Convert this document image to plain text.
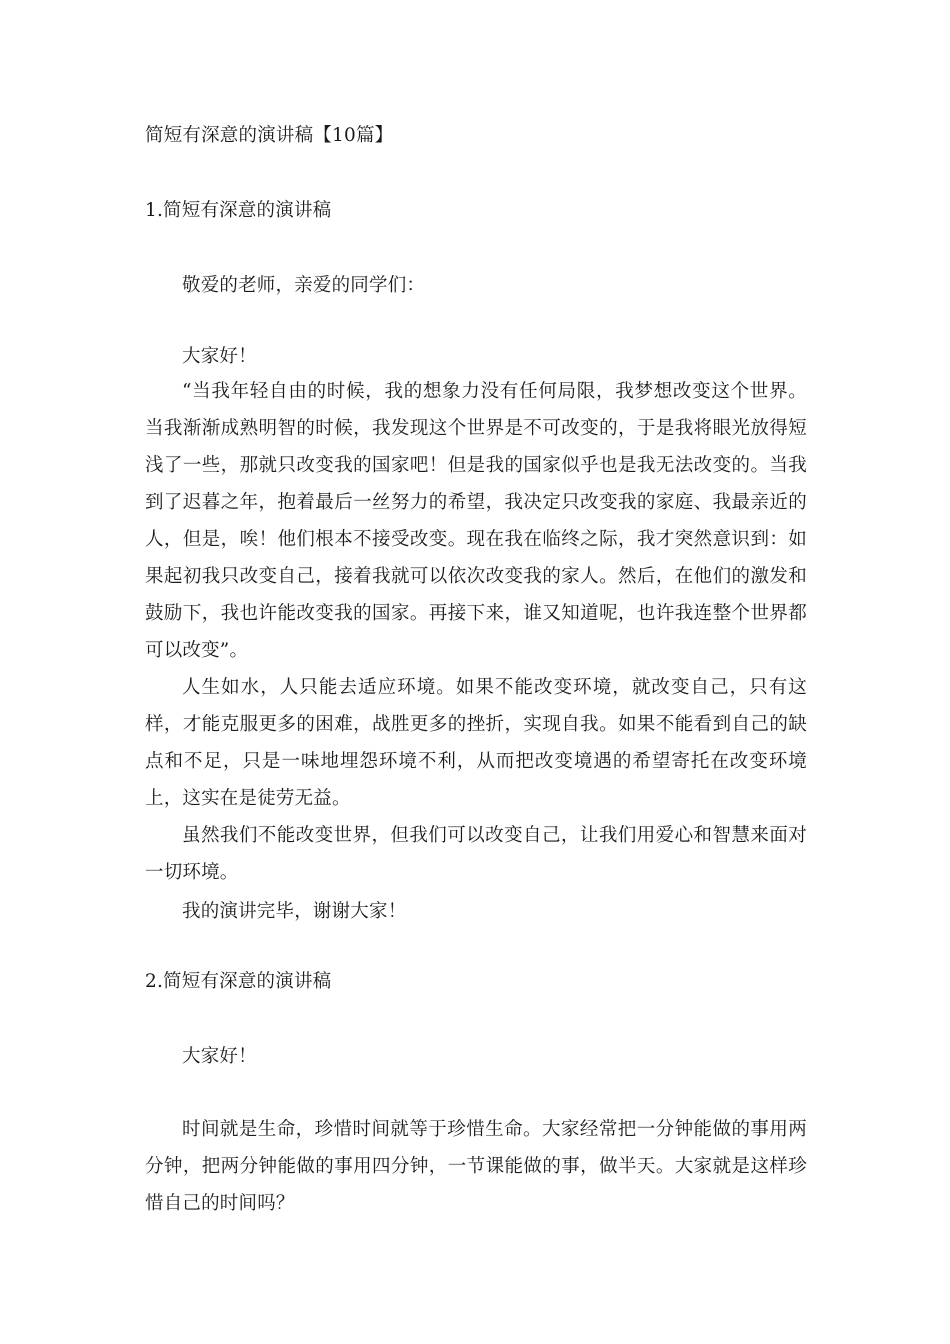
简短有深意的演讲稿【10篇】
1.简短有深意的演讲稿
敬爱的老师，亲爱的同学们：
大家好！
“当我年轻自由的时候，我的想象力没有任何局限，我梦想改变这个世界。当我渐渐成熟明智的时候，我发现这个世界是不可改变的，于是我将眼光放得短浅了一些，那就只改变我的国家吧！但是我的国家似乎也是我无法改变的。当我到了迟暮之年，抱着最后一丝努力的希望，我决定只改变我的家庭、我最亲近的人，但是，唉！他们根本不接受改变。现在我在临终之际，我才突然意识到：如果起初我只改变自己，接着我就可以依次改变我的家人。然后，在他们的激发和鼓励下，我也许能改变我的国家。再接下来，谁又知道呢，也许我连整个世界都可以改变”。
人生如水，人只能去适应环境。如果不能改变环境，就改变自己，只有这样，才能克服更多的困难，战胜更多的挫折，实现自我。如果不能看到自己的缺点和不足，只是一味地埋怨环境不利，从而把改变境遇的希望寄托在改变环境上，这实在是徒劳无益。
虽然我们不能改变世界，但我们可以改变自己，让我们用爱心和智慧来面对一切环境。
我的演讲完毕，谢谢大家！
2.简短有深意的演讲稿
大家好！
时间就是生命，珍惜时间就等于珍惜生命。大家经常把一分钟能做的事用两分钟，把两分钟能做的事用四分钟，一节课能做的事，做半天。大家就是这样珍惜自己的时间吗？
